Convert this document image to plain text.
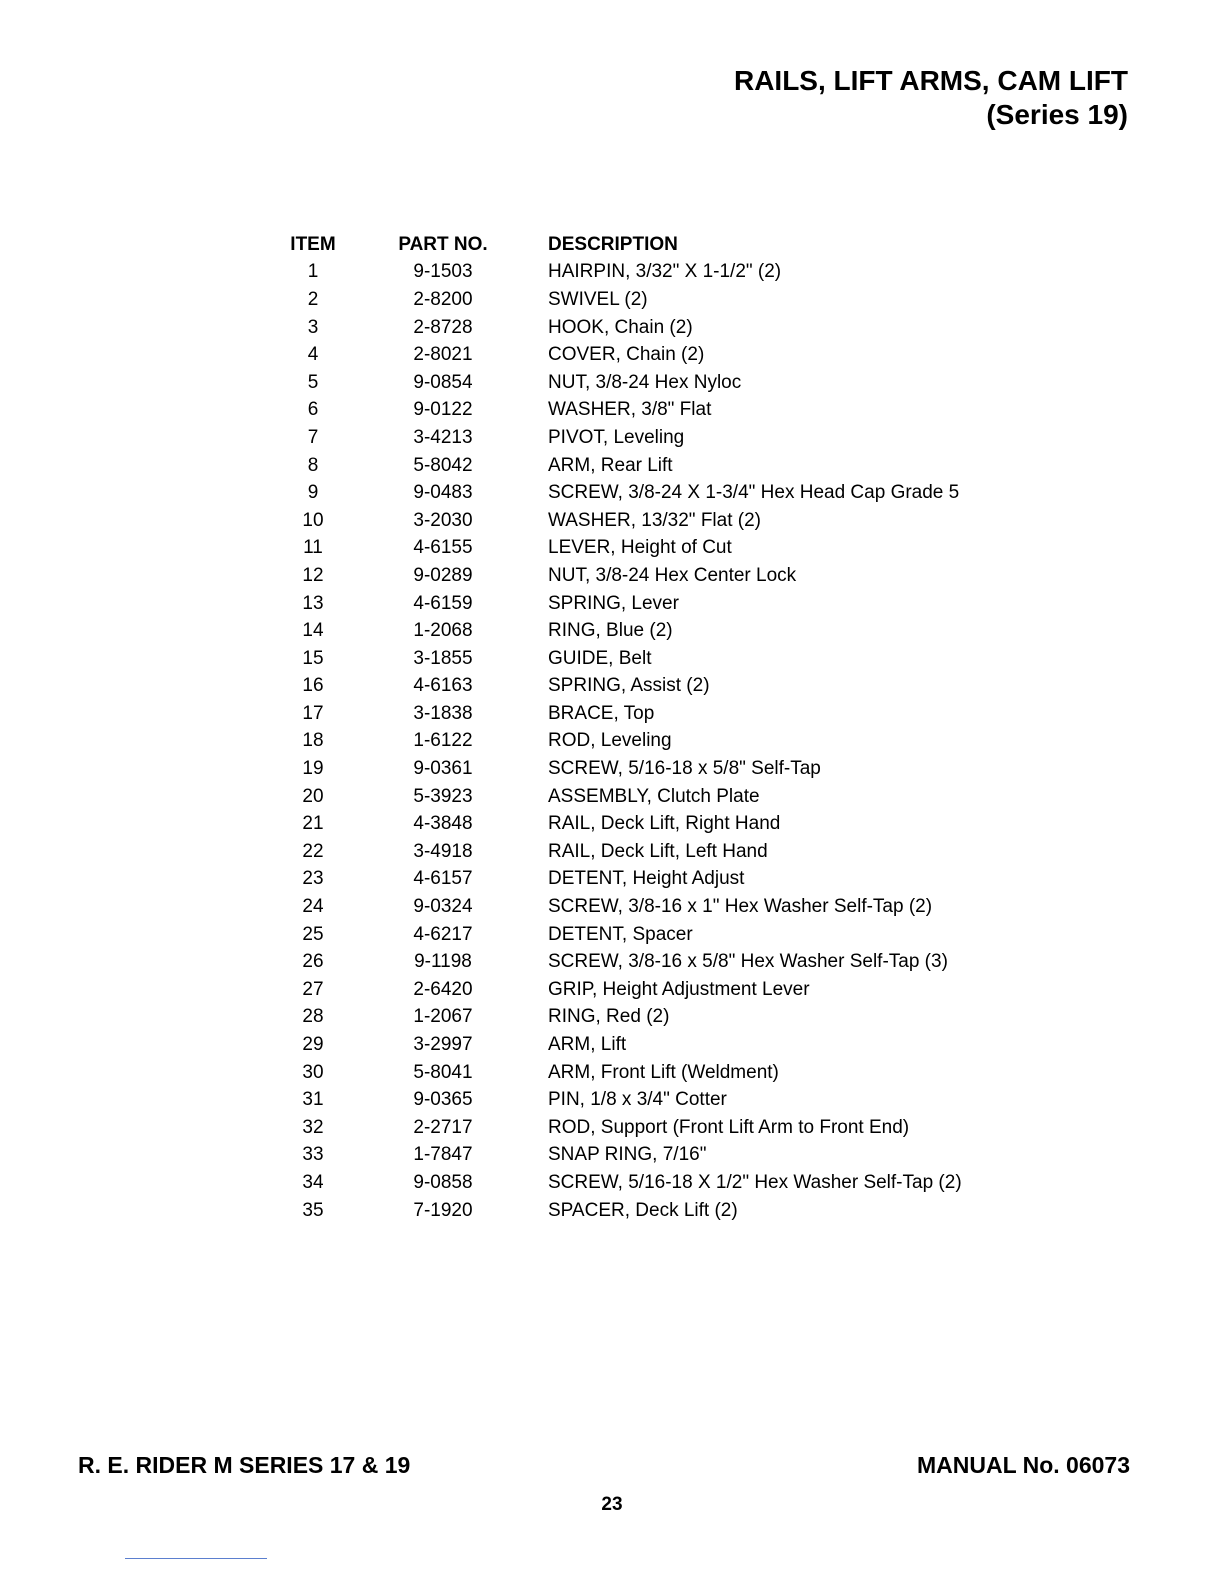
RAILS, LIFT ARMS, CAM LIFT
(Series 19)
ITEM	PART NO.	DESCRIPTION
1	9-1503	HAIRPIN, 3/32" X 1-1/2" (2)
2	2-8200	SWIVEL (2)
3	2-8728	HOOK, Chain (2)
4	2-8021	COVER, Chain (2)
5	9-0854	NUT, 3/8-24 Hex Nyloc
6	9-0122	WASHER, 3/8" Flat
7	3-4213	PIVOT, Leveling
8	5-8042	ARM, Rear Lift
9	9-0483	SCREW, 3/8-24 X 1-3/4" Hex Head Cap Grade 5
10	3-2030	WASHER, 13/32" Flat (2)
11	4-6155	LEVER, Height of Cut
12	9-0289	NUT, 3/8-24 Hex Center Lock
13	4-6159	SPRING, Lever
14	1-2068	RING, Blue (2)
15	3-1855	GUIDE, Belt
16	4-6163	SPRING, Assist (2)
17	3-1838	BRACE, Top
18	1-6122	ROD, Leveling
19	9-0361	SCREW, 5/16-18 x 5/8" Self-Tap
20	5-3923	ASSEMBLY, Clutch Plate
21	4-3848	RAIL, Deck Lift, Right Hand
22	3-4918	RAIL, Deck Lift, Left Hand
23	4-6157	DETENT, Height Adjust
24	9-0324	SCREW, 3/8-16 x 1" Hex Washer Self-Tap (2)
25	4-6217	DETENT, Spacer
26	9-1198	SCREW, 3/8-16 x 5/8" Hex Washer Self-Tap (3)
27	2-6420	GRIP, Height Adjustment Lever
28	1-2067	RING, Red (2)
29	3-2997	ARM, Lift
30	5-8041	ARM, Front Lift (Weldment)
31	9-0365	PIN, 1/8 x 3/4" Cotter
32	2-2717	ROD, Support (Front Lift Arm to Front End)
33	1-7847	SNAP RING, 7/16"
34	9-0858	SCREW, 5/16-18 X 1/2" Hex Washer Self-Tap (2)
35	7-1920	SPACER, Deck Lift (2)
R. E. RIDER M SERIES 17 & 19	MANUAL No. 06073
23
